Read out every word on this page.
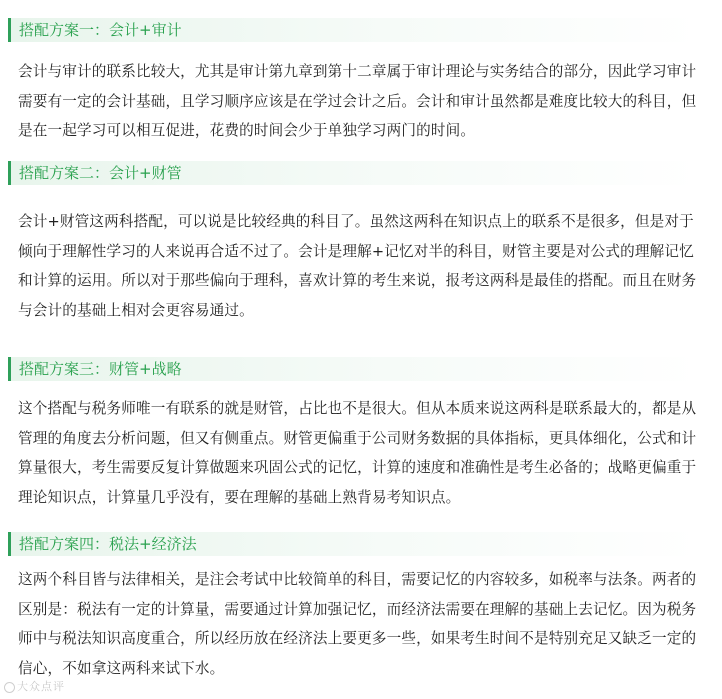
搭配方案一：会计+审计

会计与审计的联系比较大，尤其是审计第九章到第十二章属于审计理论与实务结合的部分，因此学习审计需要有一定的会计基础，且学习顺序应该是在学过会计之后。会计和审计虽然都是难度比较大的科目，但是在一起学习可以相互促进，花费的时间会少于单独学习两门的时间。

搭配方案二：会计+财管

会计+财管这两科搭配，可以说是比较经典的科目了。虽然这两科在知识点上的联系不是很多，但是对于倾向于理解性学习的人来说再合适不过了。会计是理解+记忆对半的科目，财管主要是对公式的理解记忆和计算的运用。所以对于那些偏向于理科，喜欢计算的考生来说，报考这两科是最佳的搭配。而且在财务与会计的基础上相对会更容易通过。

搭配方案三：财管+战略

这个搭配与税务师唯一有联系的就是财管，占比也不是很大。但从本质来说这两科是联系最大的，都是从管理的角度去分析问题，但又有侧重点。财管更偏重于公司财务数据的具体指标，更具体细化，公式和计算量很大，考生需要反复计算做题来巩固公式的记忆，计算的速度和准确性是考生必备的；战略更偏重于理论知识点，计算量几乎没有，要在理解的基础上熟背易考知识点。

搭配方案四：税法+经济法

这两个科目皆与法律相关，是注会考试中比较简单的科目，需要记忆的内容较多，如税率与法条。两者的区别是：税法有一定的计算量，需要通过计算加强记忆，而经济法需要在理解的基础上去记忆。因为税务师中与税法知识高度重合，所以经历放在经济法上要更多一些，如果考生时间不是特别充足又缺乏一定的信心，不如拿这两科来试下水。

大众点评
